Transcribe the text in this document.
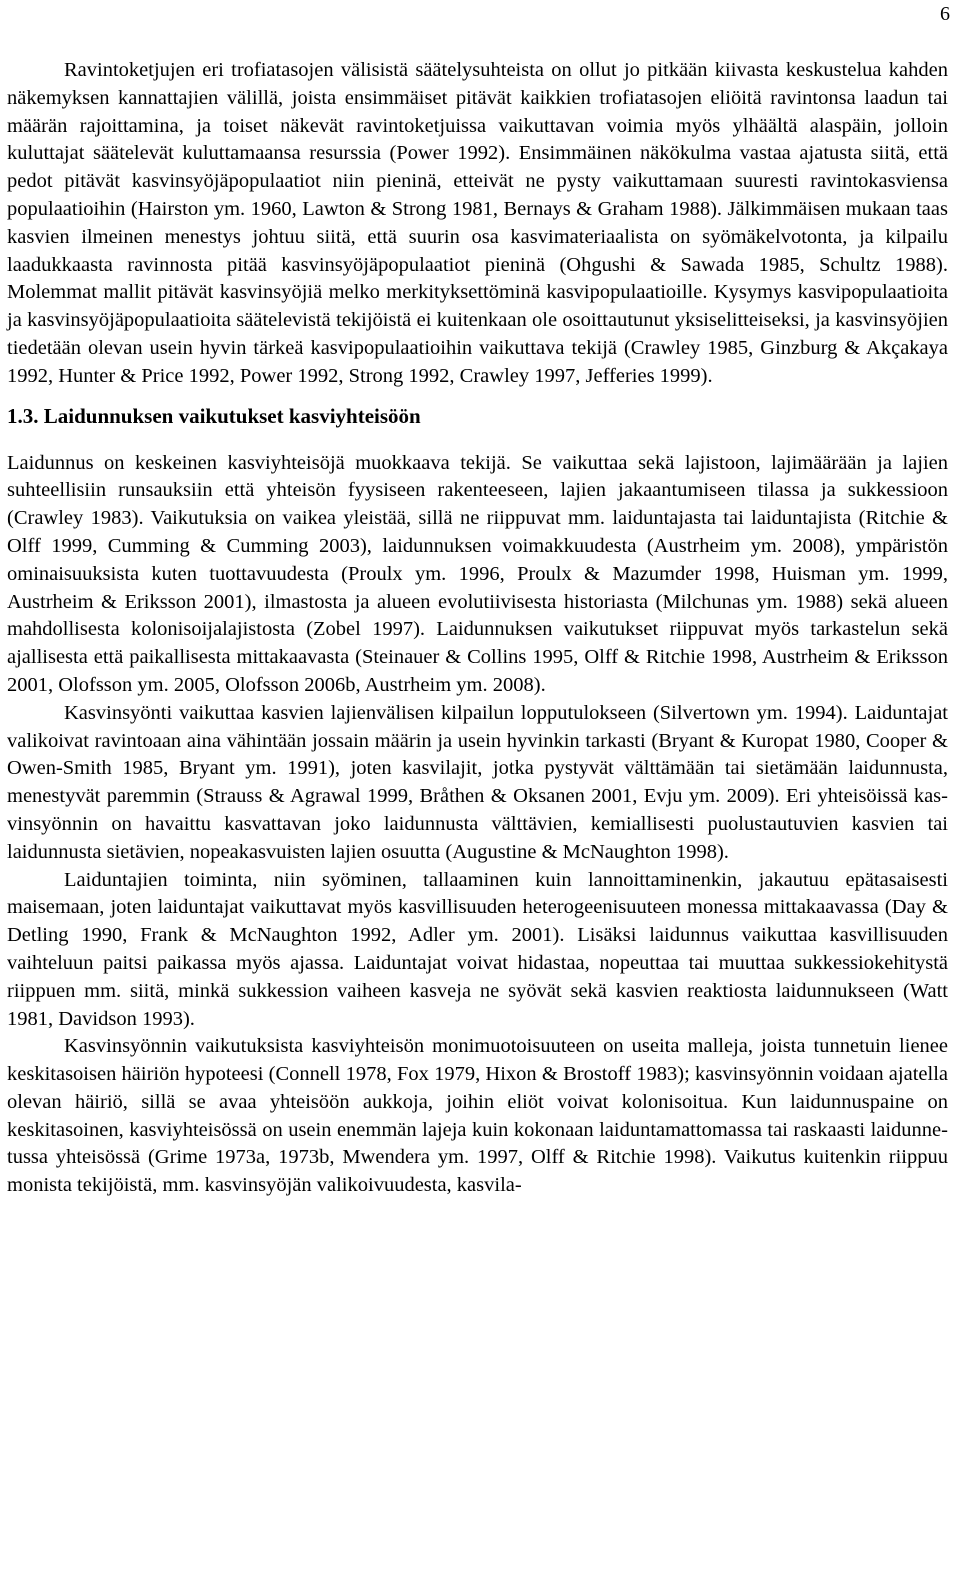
6

Ravintoketjujen eri trofiatasojen välisistä säätelysuhteista on ollut jo pitkään kiivasta keskustelua kahden näkemyksen kannattajien välillä, joista ensimmäiset pitävät kaikkien trofiatasojen eliöitä ravintonsa laadun tai määrän rajoittamina, ja toiset näkevät ravintoketjuissa vaikuttavan voimia myös ylhäältä alaspäin, jolloin kuluttajat säätelevät kuluttamaansa resurssia (Power 1992). Ensimmäinen näkökulma vastaa ajatusta siitä, että pedot pitävät kasvinsyöjäpopulaatiot niin pieninä, etteivät ne pysty vaikuttamaan suuresti ravintokasviensa populaatioihin (Hairston ym. 1960, Lawton & Strong 1981, Bernays & Graham 1988). Jälkimmäisen mukaan taas kasvien ilmeinen menestys johtuu siitä, että suurin osa kasvimateriaalista on syömäkelvotonta, ja kilpailu laadukkaasta ravinnosta pitää kasvinsyöjäpopulaatiot pieninä (Ohgushi & Sawada 1985, Schultz 1988). Molemmat mallit pitävät kasvinsyöjiä melko merkityksettöminä kasvipopulaatioille. Kysymys kasvipopulaatioita ja kasvinsyöjäpopulaatioita säätelevistä tekijöistä ei kuitenkaan ole osoittautunut yksiselitteiseksi, ja kasvinsyöjien tiedetään olevan usein hyvin tärkeä kasvipopulaatioihin vaikuttava tekijä (Crawley 1985, Ginzburg & Akçakaya 1992, Hunter & Price 1992, Power 1992, Strong 1992, Crawley 1997, Jefferies 1999).

1.3. Laidunnuksen vaikutukset kasviyhteisöön

Laidunnus on keskeinen kasviyhteisöjä muokkaava tekijä. Se vaikuttaa sekä lajistoon, lajimäärään ja lajien suhteellisiin runsauksiin että yhteisön fyysiseen rakenteeseen, lajien jakaantumiseen tilassa ja sukkessioon (Crawley 1983). Vaikutuksia on vaikea yleistää, sillä ne riippuvat mm. laiduntajasta tai laiduntajista (Ritchie & Olff 1999, Cumming & Cumming 2003), laidunnuksen voimakkuudesta (Austrheim ym. 2008), ympäristön ominaisuuksista kuten tuottavuudesta (Proulx ym. 1996, Proulx & Mazumder 1998, Huisman ym. 1999, Austrheim & Eriksson 2001), ilmastosta ja alueen evolutiivisesta historiasta (Milchunas ym. 1988) sekä alueen mahdollisesta kolonisoijalajistosta (Zobel 1997). Laidunnuksen vaikutukset riippuvat myös tarkastelun sekä ajallisesta että paikallisesta mittakaavasta (Steinauer & Collins 1995, Olff & Ritchie 1998, Austrheim & Eriksson 2001, Olofsson ym. 2005, Olofsson 2006b, Austrheim ym. 2008).

Kasvinsyönti vaikuttaa kasvien lajienvälisen kilpailun lopputulokseen (Silvertown ym. 1994). Laiduntajat valikoivat ravintoaan aina vähintään jossain määrin ja usein hyvinkin tarkasti (Bryant & Kuropat 1980, Cooper & Owen-Smith 1985, Bryant ym. 1991), joten kasvilajit, jotka pystyvät välttämään tai sietämään laidunnusta, menestyvät paremmin (Strauss & Agrawal 1999, Bråthen & Oksanen 2001, Evju ym. 2009). Eri yhteisöissä kasvinsyönnin on havaittu kasvattavan joko laidunnusta välttävien, kemiallisesti puolustautuvien kasvien tai laidunnusta sietävien, nopeakasvuisten lajien osuutta (Augustine & McNaughton 1998).

Laiduntajien toiminta, niin syöminen, tallaaminen kuin lannoittaminenkin, jakautuu epätasaisesti maisemaan, joten laiduntajat vaikuttavat myös kasvillisuuden heterogeenisuuteen monessa mittakaavassa (Day & Detling 1990, Frank & McNaughton 1992, Adler ym. 2001). Lisäksi laidunnus vaikuttaa kasvillisuuden vaihteluun paitsi paikassa myös ajassa. Laiduntajat voivat hidastaa, nopeuttaa tai muuttaa sukkessiokehitystä riippuen mm. siitä, minkä sukkession vaiheen kasveja ne syövät sekä kasvien reaktiosta laidunnukseen (Watt 1981, Davidson 1993).

Kasvinsyönnin vaikutuksista kasviyhteisön monimuotoisuuteen on useita malleja, joista tunnetuin lienee keskitasoisen häiriön hypoteesi (Connell 1978, Fox 1979, Hixon & Brostoff 1983); kasvinsyönnin voidaan ajatella olevan häiriö, sillä se avaa yhteisöön aukkoja, joihin eliöt voivat kolonisoitua. Kun laidunnuspaine on keskitasoinen, kasviyhteisössä on usein enemmän lajeja kuin kokonaan laiduntamattomassa tai raskaasti laidunnetussa yhteisössä (Grime 1973a, 1973b, Mwendera ym. 1997, Olff & Ritchie 1998). Vaikutus kuitenkin riippuu monista tekijöistä, mm. kasvinsyöjän valikoivuudesta, kasvila-
